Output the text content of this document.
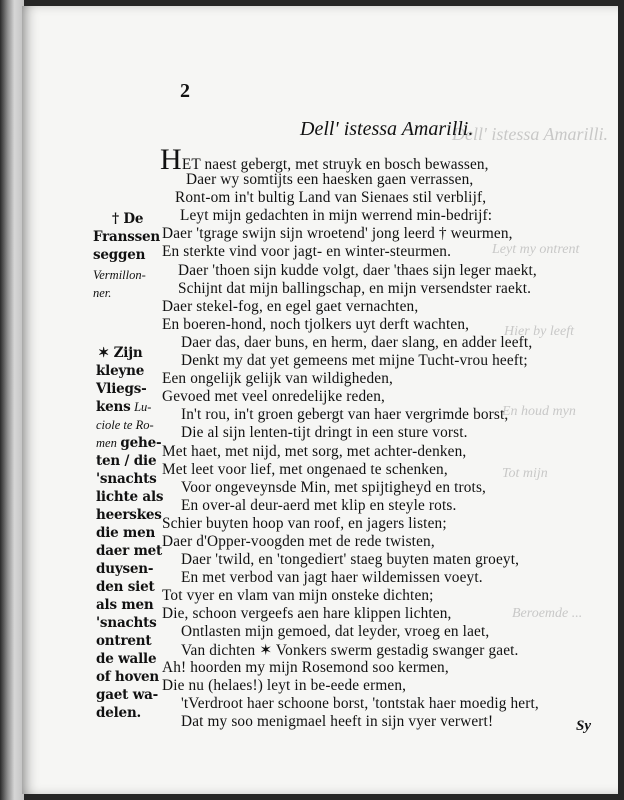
Dell' istessa Amarilli.
Leyt my ontrent
Hier by leeft
En houd myn
Tot mijn
Beroemde ...
2
Dell' istessa Amarilli.
HET naest gebergt, met struyk en bosch bewassen,
Daer wy somtijts een haesken gaen verrassen,
Ront-om in't bultig Land van Sienaes stil verblijf,
Leyt mijn gedachten in mijn werrend min-bedrijf:
Daer 'tgrage swijn sijn wroetend' jong leerd † weurmen,
En sterkte vind voor jagt- en winter-steurmen.
Daer 'thoen sijn kudde volgt, daer 'thaes sijn leger maekt,
Schijnt dat mijn ballingschap, en mijn versendster raekt.
Daer stekel-fog, en egel gaet vernachten,
En boeren-hond, noch tjolkers uyt derft wachten,
Daer das, daer buns, en herm, daer slang, en adder leeft,
Denkt my dat yet gemeens met mijne Tucht-vrou heeft;
Een ongelijk gelijk van wildigheden,
Gevoed met veel onredelijke reden,
In't rou, in't groen gebergt van haer vergrimde borst,
Die al sijn lenten-tijt dringt in een sture vorst.
Met haet, met nijd, met sorg, met achter-denken,
Met leet voor lief, met ongenaed te schenken,
Voor ongeveynsde Min, met spijtigheyd en trots,
En over-al deur-aerd met klip en steyle rots.
Schier buyten hoop van roof, en jagers listen;
Daer d'Opper-voogden met de rede twisten,
Daer 'twild, en 'tongediert' staeg buyten maten groeyt,
En met verbod van jagt haer wildemissen voeyt.
Tot vyer en vlam van mijn onsteke dichten;
Die, schoon vergeefs aen hare klippen lichten,
Ontlasten mijn gemoed, dat leyder, vroeg en laet,
Van dichten ✶ Vonkers swerm gestadig swanger gaet.
Ah! hoorden my mijn Rosemond soo kermen,
Die nu (helaes!) leyt in be-eede ermen,
'tVerdroot haer schoone borst, 'tontstak haer moedig hert,
Dat my soo menigmael heeft in sijn vyer verwert!
† De
Franssen
seggen
Vermillon-
ner.
✶ Zijn
kleyne
Vliegs-
kens Lu-
ciole te Ro-
men gehe-
ten / die
'snachts
lichte als
heerskes
die men
daer met
duysen-
den siet
als men
'snachts
ontrent
de walle
of hoven
gaet wa-
delen.
Sy
